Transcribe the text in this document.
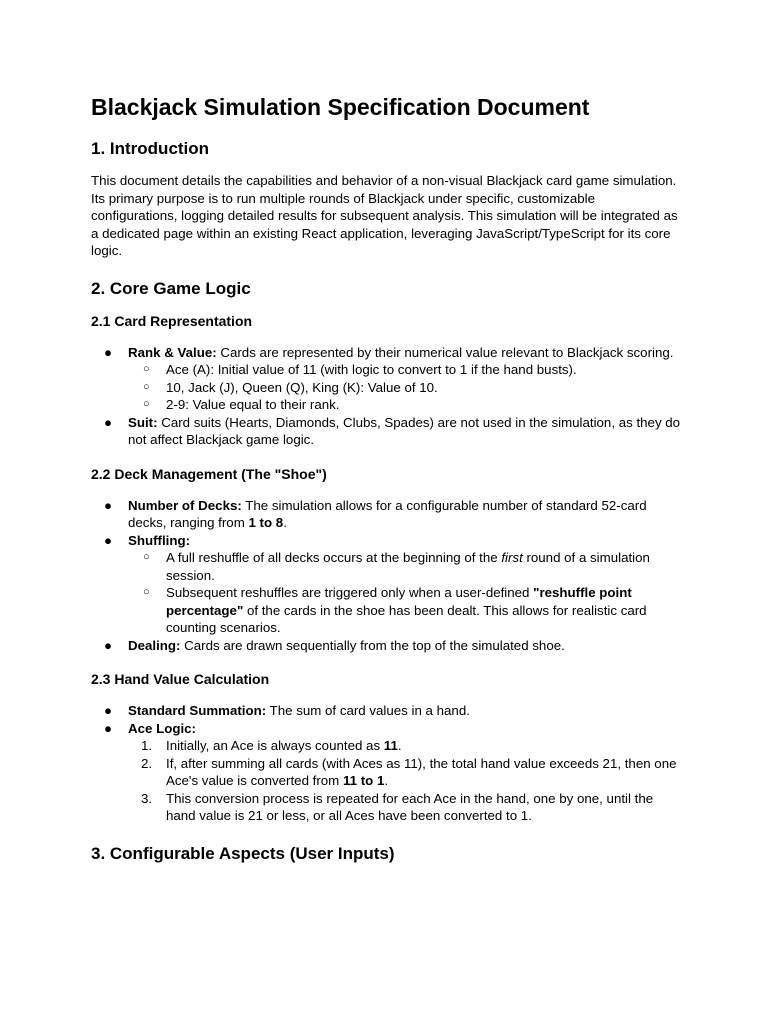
Blackjack Simulation Specification Document
1. Introduction

This document details the capabilities and behavior of a non-visual Blackjack card game simulation. Its primary purpose is to run multiple rounds of Blackjack under specific, customizable configurations, logging detailed results for subsequent analysis. This simulation will be integrated as a dedicated page within an existing React application, leveraging JavaScript/TypeScript for its core logic.

2. Core Game Logic
2.1 Card Representation
● Rank & Value: Cards are represented by their numerical value relevant to Blackjack scoring.
○ Ace (A): Initial value of 11 (with logic to convert to 1 if the hand busts).
○ 10, Jack (J), Queen (Q), King (K): Value of 10.
○ 2-9: Value equal to their rank.
● Suit: Card suits (Hearts, Diamonds, Clubs, Spades) are not used in the simulation, as they do not affect Blackjack game logic.
2.2 Deck Management (The "Shoe")
● Number of Decks: The simulation allows for a configurable number of standard 52-card decks, ranging from 1 to 8.
● Shuffling:
○ A full reshuffle of all decks occurs at the beginning of the first round of a simulation session.
○ Subsequent reshuffles are triggered only when a user-defined "reshuffle point percentage" of the cards in the shoe has been dealt. This allows for realistic card counting scenarios.
● Dealing: Cards are drawn sequentially from the top of the simulated shoe.
2.3 Hand Value Calculation
● Standard Summation: The sum of card values in a hand.
● Ace Logic:
1. Initially, an Ace is always counted as 11.
2. If, after summing all cards (with Aces as 11), the total hand value exceeds 21, then one Ace's value is converted from 11 to 1.
3. This conversion process is repeated for each Ace in the hand, one by one, until the hand value is 21 or less, or all Aces have been converted to 1.
3. Configurable Aspects (User Inputs)
